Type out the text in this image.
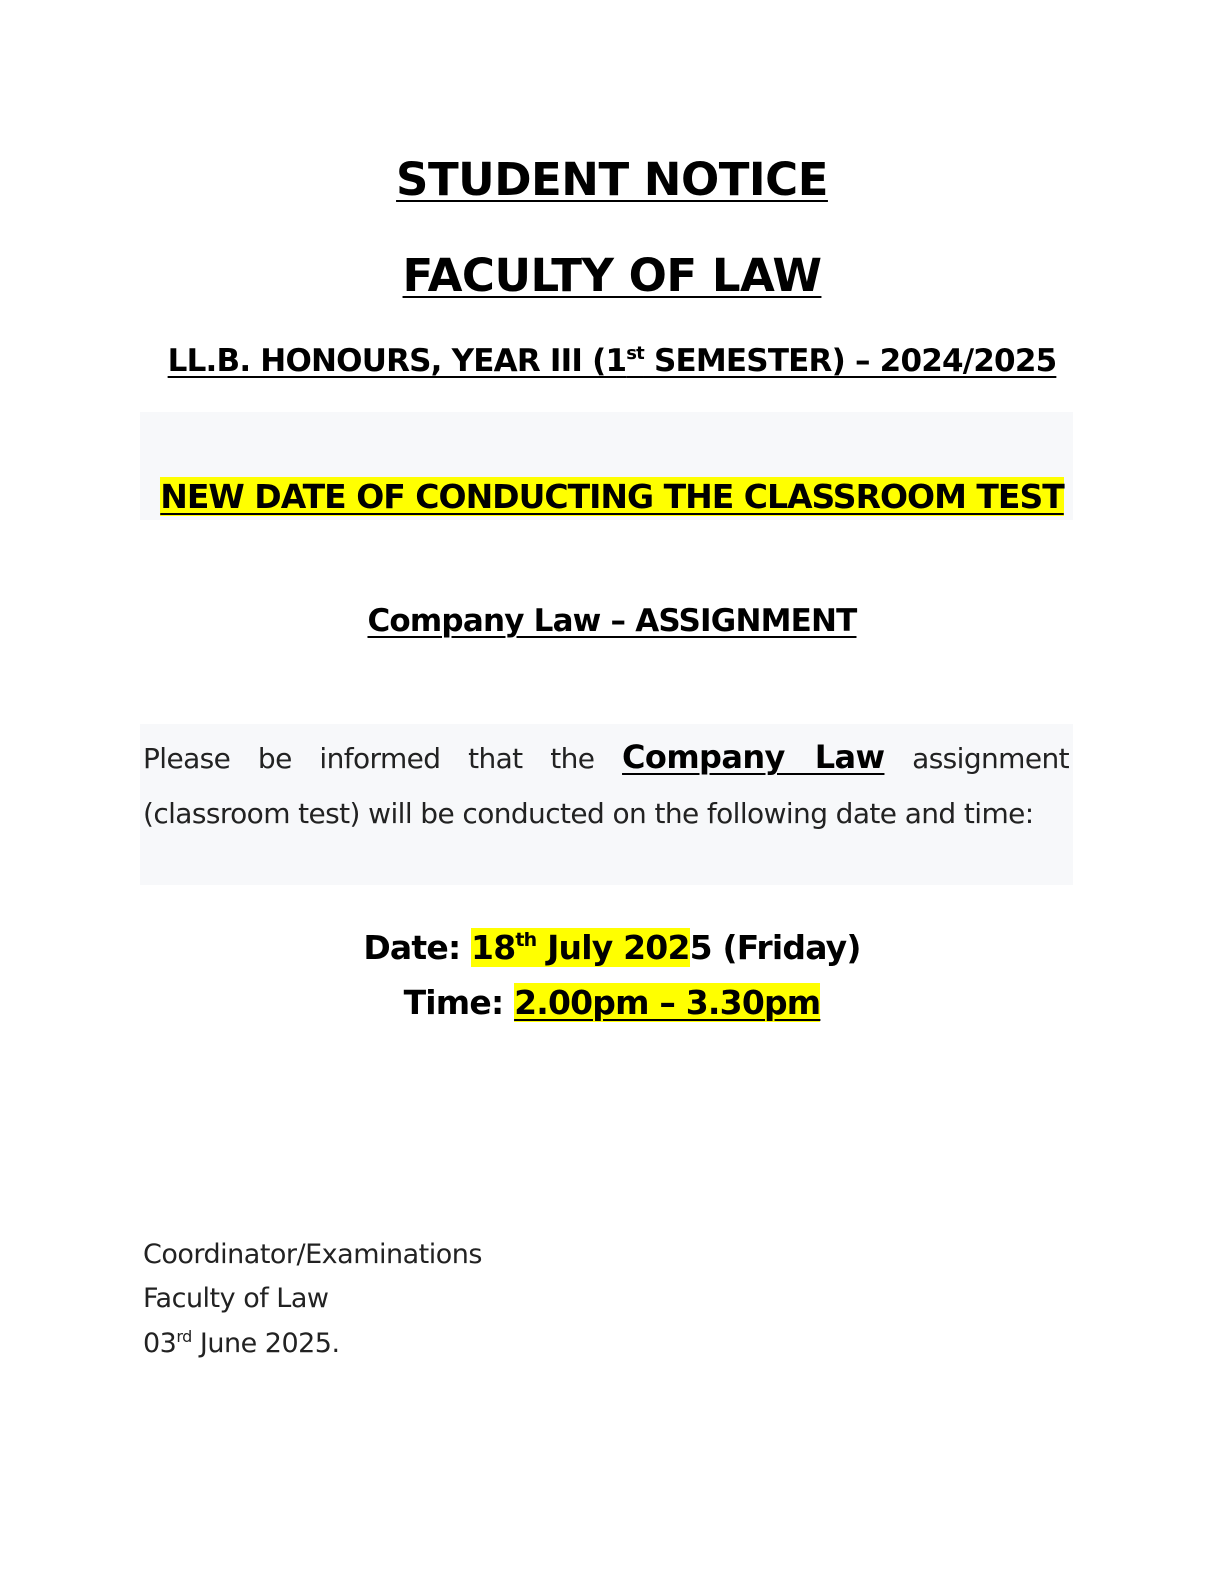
STUDENT NOTICE
FACULTY OF LAW
LL.B. HONOURS, YEAR III (1st SEMESTER) – 2024/2025
NEW DATE OF CONDUCTING THE CLASSROOM TEST
Company Law – ASSIGNMENT
Please be informed that the Company Law assignment (classroom test) will be conducted on the following date and time:
Date: 18th July 2025 (Friday)
Time: 2.00pm – 3.30pm
Coordinator/Examinations
Faculty of Law
03rd June 2025.
